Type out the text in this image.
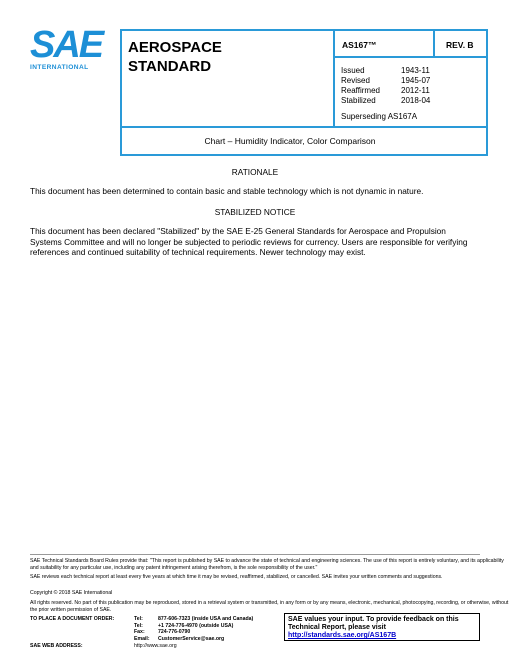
SAE
INTERNATIONAL
AEROSPACE
STANDARD
AS167™	REV. B
Issued	1943-11
Revised	1945-07
Reaffirmed	2012-11
Stabilized	2018-04
Superseding AS167A
Chart – Humidity Indicator, Color Comparison
RATIONALE
This document has been determined to contain basic and stable technology which is not dynamic in nature.
STABILIZED NOTICE
This document has been declared "Stabilized" by the SAE E-25 General Standards for Aerospace and Propulsion Systems Committee and will no longer be subjected to periodic reviews for currency. Users are responsible for verifying references and continued suitability of technical requirements. Newer technology may exist.
SAE Technical Standards Board Rules provide that: "This report is published by SAE to advance the state of technical and engineering sciences. The use of this report is entirely voluntary, and its applicability and suitability for any particular use, including any patent infringement arising therefrom, is the sole responsibility of the user."
SAE reviews each technical report at least every five years at which time it may be revised, reaffirmed, stabilized, or cancelled. SAE invites your written comments and suggestions.
Copyright © 2018 SAE International
All rights reserved. No part of this publication may be reproduced, stored in a retrieval system or transmitted, in any form or by any means, electronic, mechanical, photocopying, recording, or otherwise, without the prior written permission of SAE.
TO PLACE A DOCUMENT ORDER:
SAE WEB ADDRESS:
Tel:	877-606-7323 (inside USA and Canada)
Tel:	+1 724-776-4970 (outside USA)
Fax:	724-776-0790
Email:	CustomerService@sae.org
http://www.sae.org
SAE values your input. To provide feedback on this Technical Report, please visit
http://standards.sae.org/AS167B
